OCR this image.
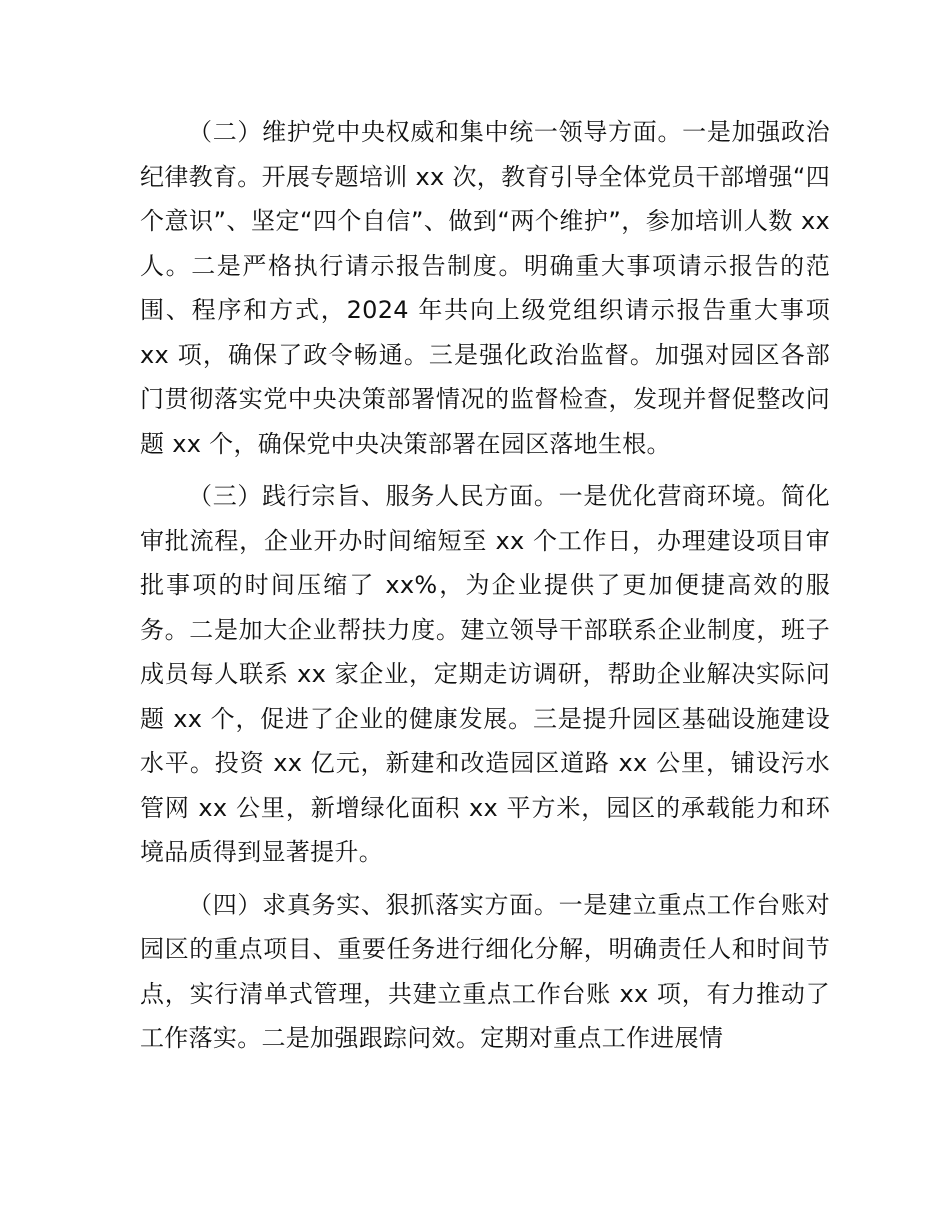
（二）维护党中央权威和集中统一领导方面。一是加强政治纪律教育。开展专题培训 xx 次，教育引导全体党员干部增强“四个意识”、坚定“四个自信”、做到“两个维护”，参加培训人数 xx 人。二是严格执行请示报告制度。明确重大事项请示报告的范围、程序和方式，2024 年共向上级党组织请示报告重大事项 xx 项，确保了政令畅通。三是强化政治监督。加强对园区各部门贯彻落实党中央决策部署情况的监督检查，发现并督促整改问题 xx 个，确保党中央决策部署在园区落地生根。

（三）践行宗旨、服务人民方面。一是优化营商环境。简化审批流程，企业开办时间缩短至 xx 个工作日，办理建设项目审批事项的时间压缩了 xx%，为企业提供了更加便捷高效的服务。二是加大企业帮扶力度。建立领导干部联系企业制度，班子成员每人联系 xx 家企业，定期走访调研，帮助企业解决实际问题 xx 个，促进了企业的健康发展。三是提升园区基础设施建设水平。投资 xx 亿元，新建和改造园区道路 xx 公里，铺设污水管网 xx 公里，新增绿化面积 xx 平方米，园区的承载能力和环境品质得到显著提升。

（四）求真务实、狠抓落实方面。一是建立重点工作台账对园区的重点项目、重要任务进行细化分解，明确责任人和时间节点，实行清单式管理，共建立重点工作台账 xx 项，有力推动了工作落实。二是加强跟踪问效。定期对重点工作进展情
